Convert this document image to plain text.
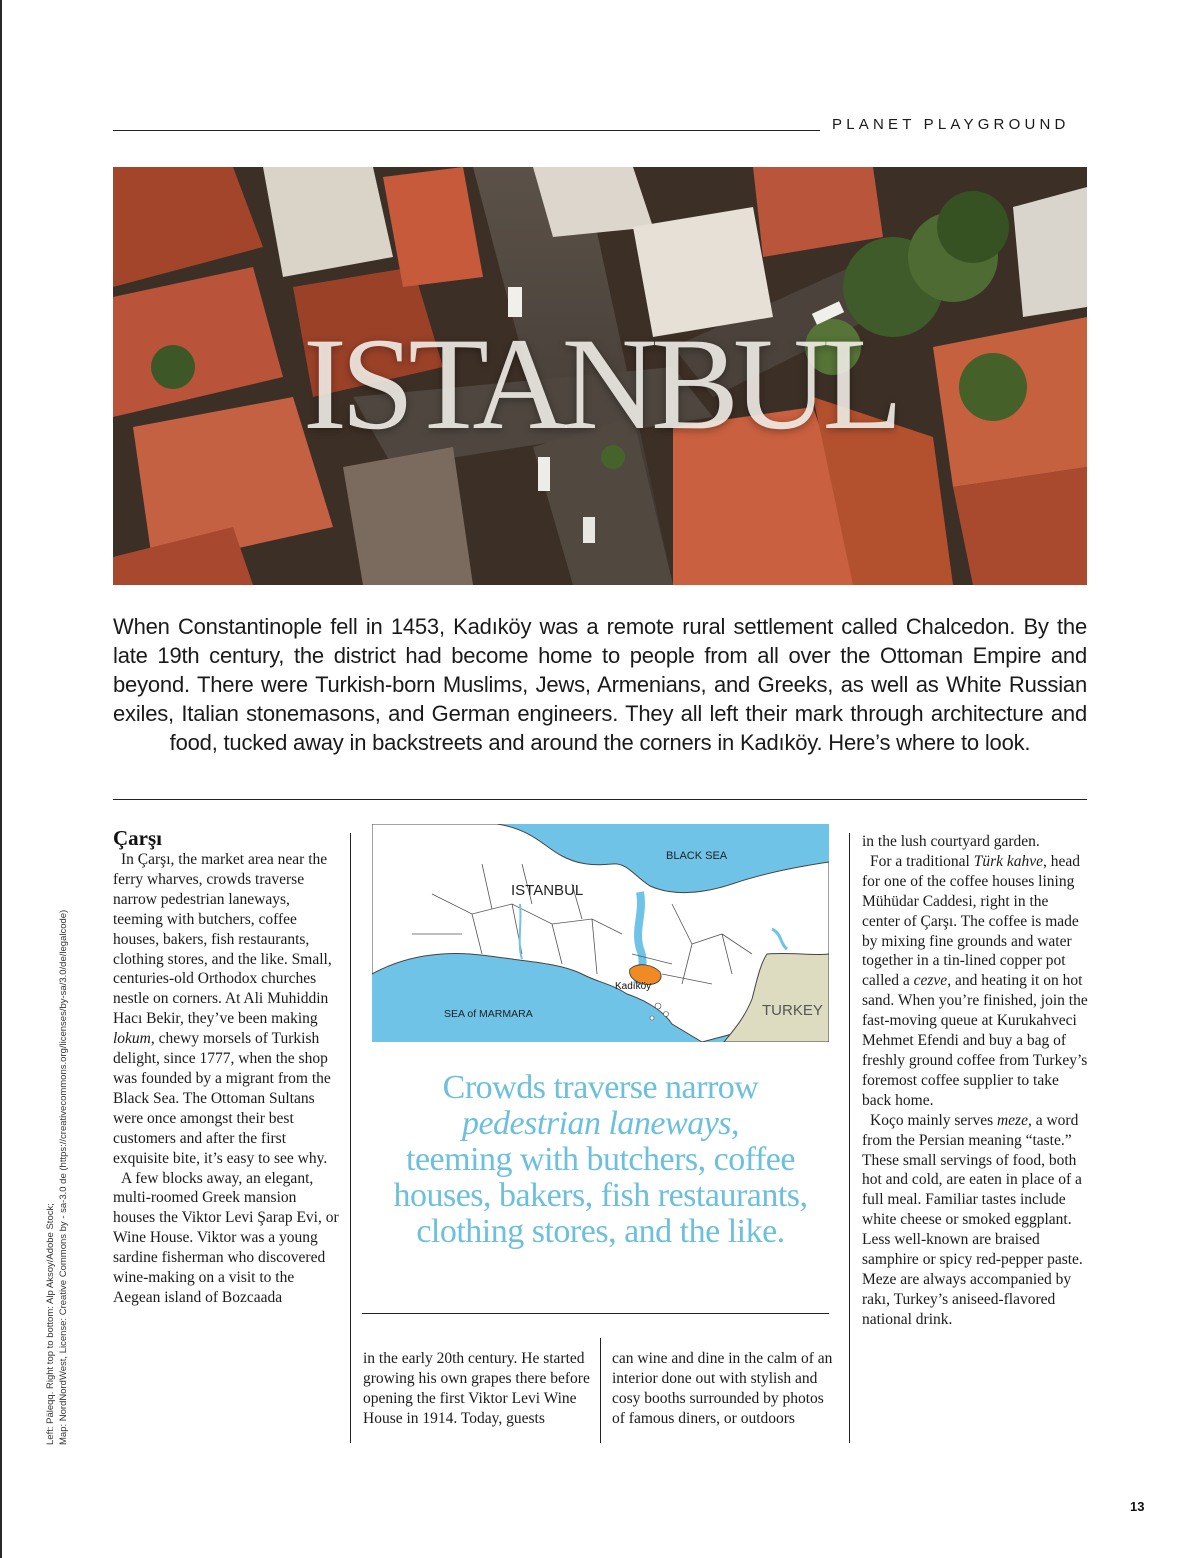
PLANET PLAYGROUND
ISTANBUL

When Constantinople fell in 1453, Kadıköy was a remote rural settlement called Chalcedon. By the late 19th century, the district had become home to people from all over the Ottoman Empire and beyond. There were Turkish-born Muslims, Jews, Armenians, and Greeks, as well as White Russian exiles, Italian stonemasons, and German engineers. They all left their mark through architecture and food, tucked away in backstreets and around the corners in Kadıköy. Here’s where to look.

Left: Päleqq. Right top to bottom: Alp Aksoy/Adobe Stock; Map: NordNordWest, License: Creative Commons by - sa-3.0 de (https://creativecommons.org/licenses/by-sa/3.0/de/legalcode)
Çarşı

In Çarşı, the market area near the ferry wharves, crowds traverse narrow pedestrian laneways, teeming with butchers, coffee houses, bakers, fish restaurants, clothing stores, and the like. Small, centuries-old Orthodox churches nestle on corners. At Ali Muhiddin Hacı Bekir, they’ve been making lokum, chewy morsels of Turkish delight, since 1777, when the shop was founded by a migrant from the Black Sea. The Ottoman Sultans were once amongst their best customers and after the first exquisite bite, it’s easy to see why.

A few blocks away, an elegant, multi-roomed Greek mansion houses the Viktor Levi Şarap Evi, or Wine House. Viktor was a young sardine fisherman who discovered wine-making on a visit to the Aegean island of Bozcaada

BLACK SEA
ISTANBUL
Kadıköy
SEA of MARMARA	TURKEY
Crowds traverse narrow
pedestrian laneways,
teeming with butchers, coffee houses, bakers, fish restaurants, clothing stores, and the like.

in the early 20th century. He started growing his own grapes there before opening the first Viktor Levi Wine House in 1914. Today, guests

can wine and dine in the calm of an interior done out with stylish and cosy booths surrounded by photos of famous diners, or outdoors

in the lush courtyard garden.

For a traditional Türk kahve, head for one of the coffee houses lining Mühüdar Caddesi, right in the center of Çarşı. The coffee is made by mixing fine grounds and water together in a tin-lined copper pot called a cezve, and heating it on hot sand. When you’re finished, join the fast-moving queue at Kurukahveci Mehmet Efendi and buy a bag of freshly ground coffee from Turkey’s foremost coffee supplier to take back home.

Koço mainly serves meze, a word from the Persian meaning “taste.” These small servings of food, both hot and cold, are eaten in place of a full meal. Familiar tastes include white cheese or smoked eggplant. Less well-known are braised samphire or spicy red-pepper paste. Meze are always accompanied by rakı, Turkey’s aniseed-flavored national drink.

13
